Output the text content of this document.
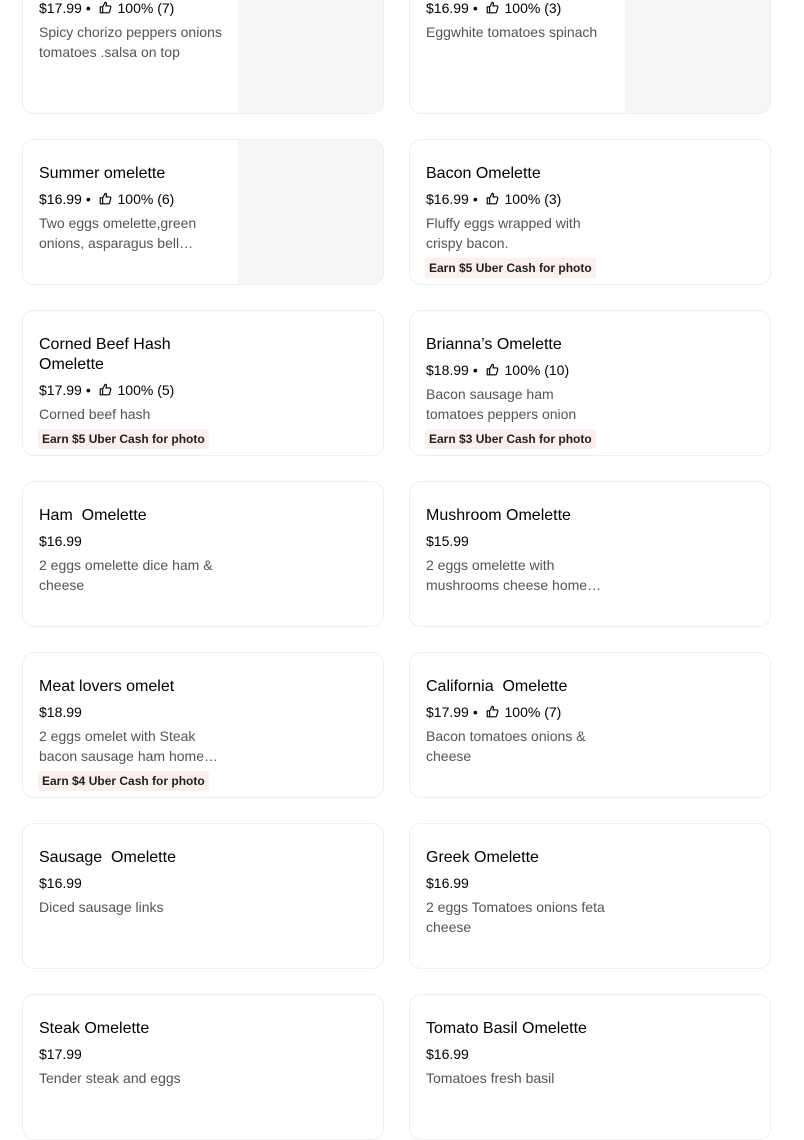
$17.99 • 100% (7)
Spicy chorizo peppers onions tomatoes .salsa on top
$16.99 • 100% (3)
Eggwhite tomatoes spinach
Summer omelette
$16.99 • 100% (6)
Two eggs omelette,green onions, asparagus bell
Bacon Omelette
$16.99 • 100% (3)
Fluffy eggs wrapped with crispy bacon.
Earn $5 Uber Cash for photo
Corned Beef Hash Omelette
$17.99 • 100% (5)
Corned beef hash
Earn $5 Uber Cash for photo
Brianna’s Omelette
$18.99 • 100% (10)
Bacon sausage ham tomatoes peppers onion
Earn $3 Uber Cash for photo
Ham  Omelette
$16.99
2 eggs omelette dice ham & cheese
Mushroom Omelette
$15.99
2 eggs omelette with mushrooms cheese home
Meat lovers omelet
$18.99
2 eggs omelet with Steak bacon sausage ham home
Earn $4 Uber Cash for photo
California  Omelette
$17.99 • 100% (7)
Bacon tomatoes onions & cheese
Sausage  Omelette
$16.99
Diced sausage links
Greek Omelette
$16.99
2 eggs Tomatoes onions feta cheese
Steak Omelette
$17.99
Tender steak and eggs
Tomato Basil Omelette
$16.99
Tomatoes fresh basil
